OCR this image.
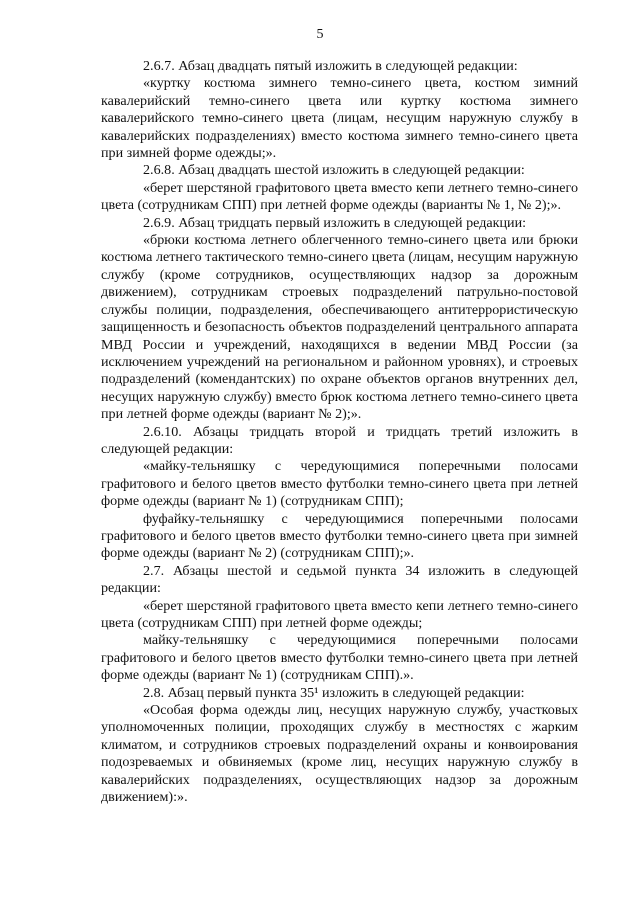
5

2.6.7. Абзац двадцать пятый изложить в следующей редакции:

«куртку костюма зимнего темно-синего цвета, костюм зимний кавалерийский темно-синего цвета или куртку костюма зимнего кавалерийского темно-синего цвета (лицам, несущим наружную службу в кавалерийских подразделениях) вместо костюма зимнего темно-синего цвета при зимней форме одежды;».

2.6.8. Абзац двадцать шестой изложить в следующей редакции:

«берет шерстяной графитового цвета вместо кепи летнего темно-синего цвета (сотрудникам СПП) при летней форме одежды (варианты № 1, № 2);».

2.6.9. Абзац тридцать первый изложить в следующей редакции:

«брюки костюма летнего облегченного темно-синего цвета или брюки костюма летнего тактического темно-синего цвета (лицам, несущим наружную службу (кроме сотрудников, осуществляющих надзор за дорожным движением), сотрудникам строевых подразделений патрульно-постовой службы полиции, подразделения, обеспечивающего антитеррористическую защищенность и безопасность объектов подразделений центрального аппарата МВД России и учреждений, находящихся в ведении МВД России (за исключением учреждений на региональном и районном уровнях), и строевых подразделений (комендантских) по охране объектов органов внутренних дел, несущих наружную службу) вместо брюк костюма летнего темно-синего цвета при летней форме одежды (вариант № 2);».

2.6.10. Абзацы тридцать второй и тридцать третий изложить в следующей редакции:

«майку-тельняшку с чередующимися поперечными полосами графитового и белого цветов вместо футболки темно-синего цвета при летней форме одежды (вариант № 1) (сотрудникам СПП);

фуфайку-тельняшку с чередующимися поперечными полосами графитового и белого цветов вместо футболки темно-синего цвета при зимней форме одежды (вариант № 2) (сотрудникам СПП);».

2.7. Абзацы шестой и седьмой пункта 34 изложить в следующей редакции:

«берет шерстяной графитового цвета вместо кепи летнего темно-синего цвета (сотрудникам СПП) при летней форме одежды;

майку-тельняшку с чередующимися поперечными полосами графитового и белого цветов вместо футболки темно-синего цвета при летней форме одежды (вариант № 1) (сотрудникам СПП).».

2.8. Абзац первый пункта 35¹ изложить в следующей редакции:

«Особая форма одежды лиц, несущих наружную службу, участковых уполномоченных полиции, проходящих службу в местностях с жарким климатом, и сотрудников строевых подразделений охраны и конвоирования подозреваемых и обвиняемых (кроме лиц, несущих наружную службу в кавалерийских подразделениях, осуществляющих надзор за дорожным движением):».
